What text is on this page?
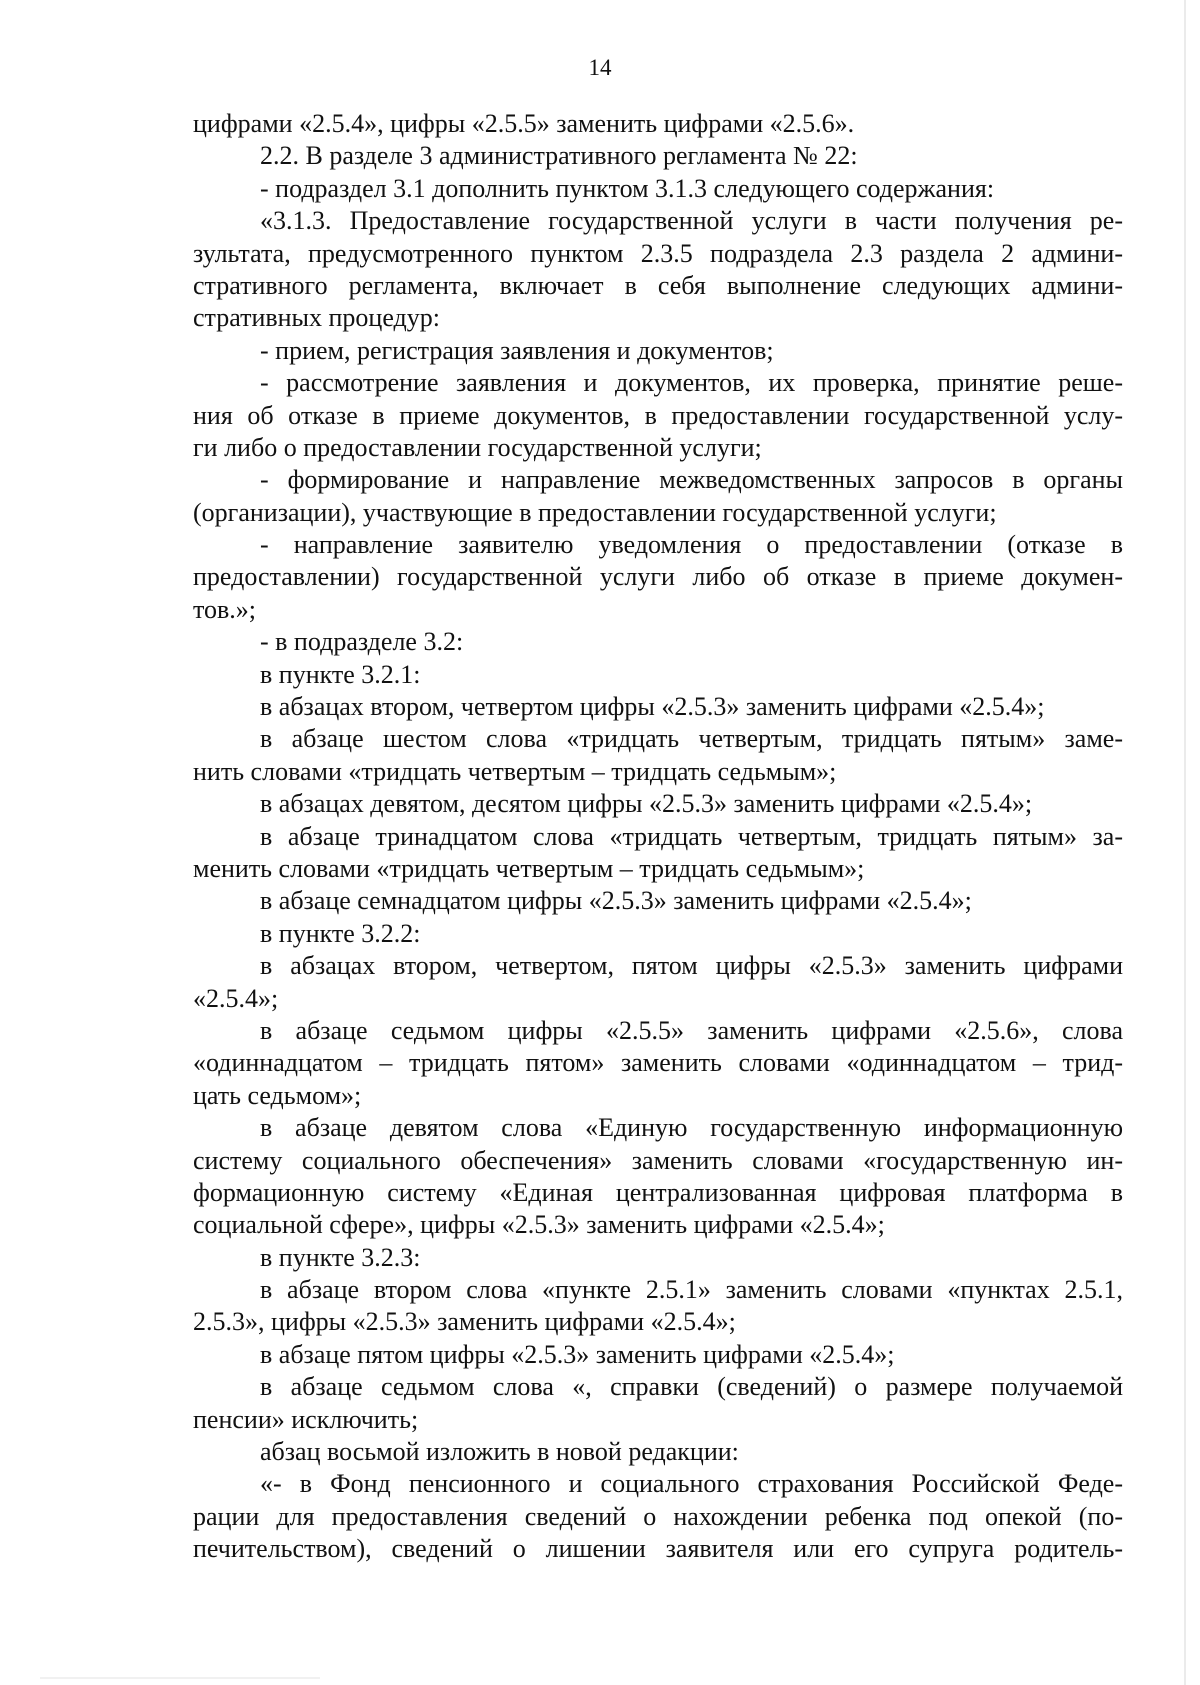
14
цифрами «2.5.4», цифры «2.5.5» заменить цифрами «2.5.6».
2.2. В разделе 3 административного регламента № 22:
- подраздел 3.1 дополнить пунктом 3.1.3 следующего содержания:
«3.1.3. Предоставление государственной услуги в части получения ре-
зультата, предусмотренного пунктом 2.3.5 подраздела 2.3 раздела 2 админи-
стративного регламента, включает в себя выполнение следующих админи-
стративных процедур:
- прием, регистрация заявления и документов;
- рассмотрение заявления и документов, их проверка, принятие реше-
ния об отказе в приеме документов, в предоставлении государственной услу-
ги либо о предоставлении государственной услуги;
- формирование и направление межведомственных запросов в органы
(организации), участвующие в предоставлении государственной услуги;
- направление заявителю уведомления о предоставлении (отказе в
предоставлении) государственной услуги либо об отказе в приеме докумен-
тов.»;
- в подразделе 3.2:
в пункте 3.2.1:
в абзацах втором, четвертом цифры «2.5.3» заменить цифрами «2.5.4»;
в абзаце шестом слова «тридцать четвертым, тридцать пятым» заме-
нить словами «тридцать четвертым – тридцать седьмым»;
в абзацах девятом, десятом цифры «2.5.3» заменить цифрами «2.5.4»;
в абзаце тринадцатом слова «тридцать четвертым, тридцать пятым» за-
менить словами «тридцать четвертым – тридцать седьмым»;
в абзаце семнадцатом цифры «2.5.3» заменить цифрами «2.5.4»;
в пункте 3.2.2:
в абзацах втором, четвертом, пятом цифры «2.5.3» заменить цифрами
«2.5.4»;
в абзаце седьмом цифры «2.5.5» заменить цифрами «2.5.6», слова
«одиннадцатом – тридцать пятом» заменить словами «одиннадцатом – трид-
цать седьмом»;
в абзаце девятом слова «Единую государственную информационную
систему социального обеспечения» заменить словами «государственную ин-
формационную систему «Единая централизованная цифровая платформа в
социальной сфере», цифры «2.5.3» заменить цифрами «2.5.4»;
в пункте 3.2.3:
в абзаце втором слова «пункте 2.5.1» заменить словами «пунктах 2.5.1,
2.5.3», цифры «2.5.3» заменить цифрами «2.5.4»;
в абзаце пятом цифры «2.5.3» заменить цифрами «2.5.4»;
в абзаце седьмом слова «, справки (сведений) о размере получаемой
пенсии» исключить;
абзац восьмой изложить в новой редакции:
«- в Фонд пенсионного и социального страхования Российской Феде-
рации для предоставления сведений о нахождении ребенка под опекой (по-
печительством), сведений о лишении заявителя или его супруга родитель-
